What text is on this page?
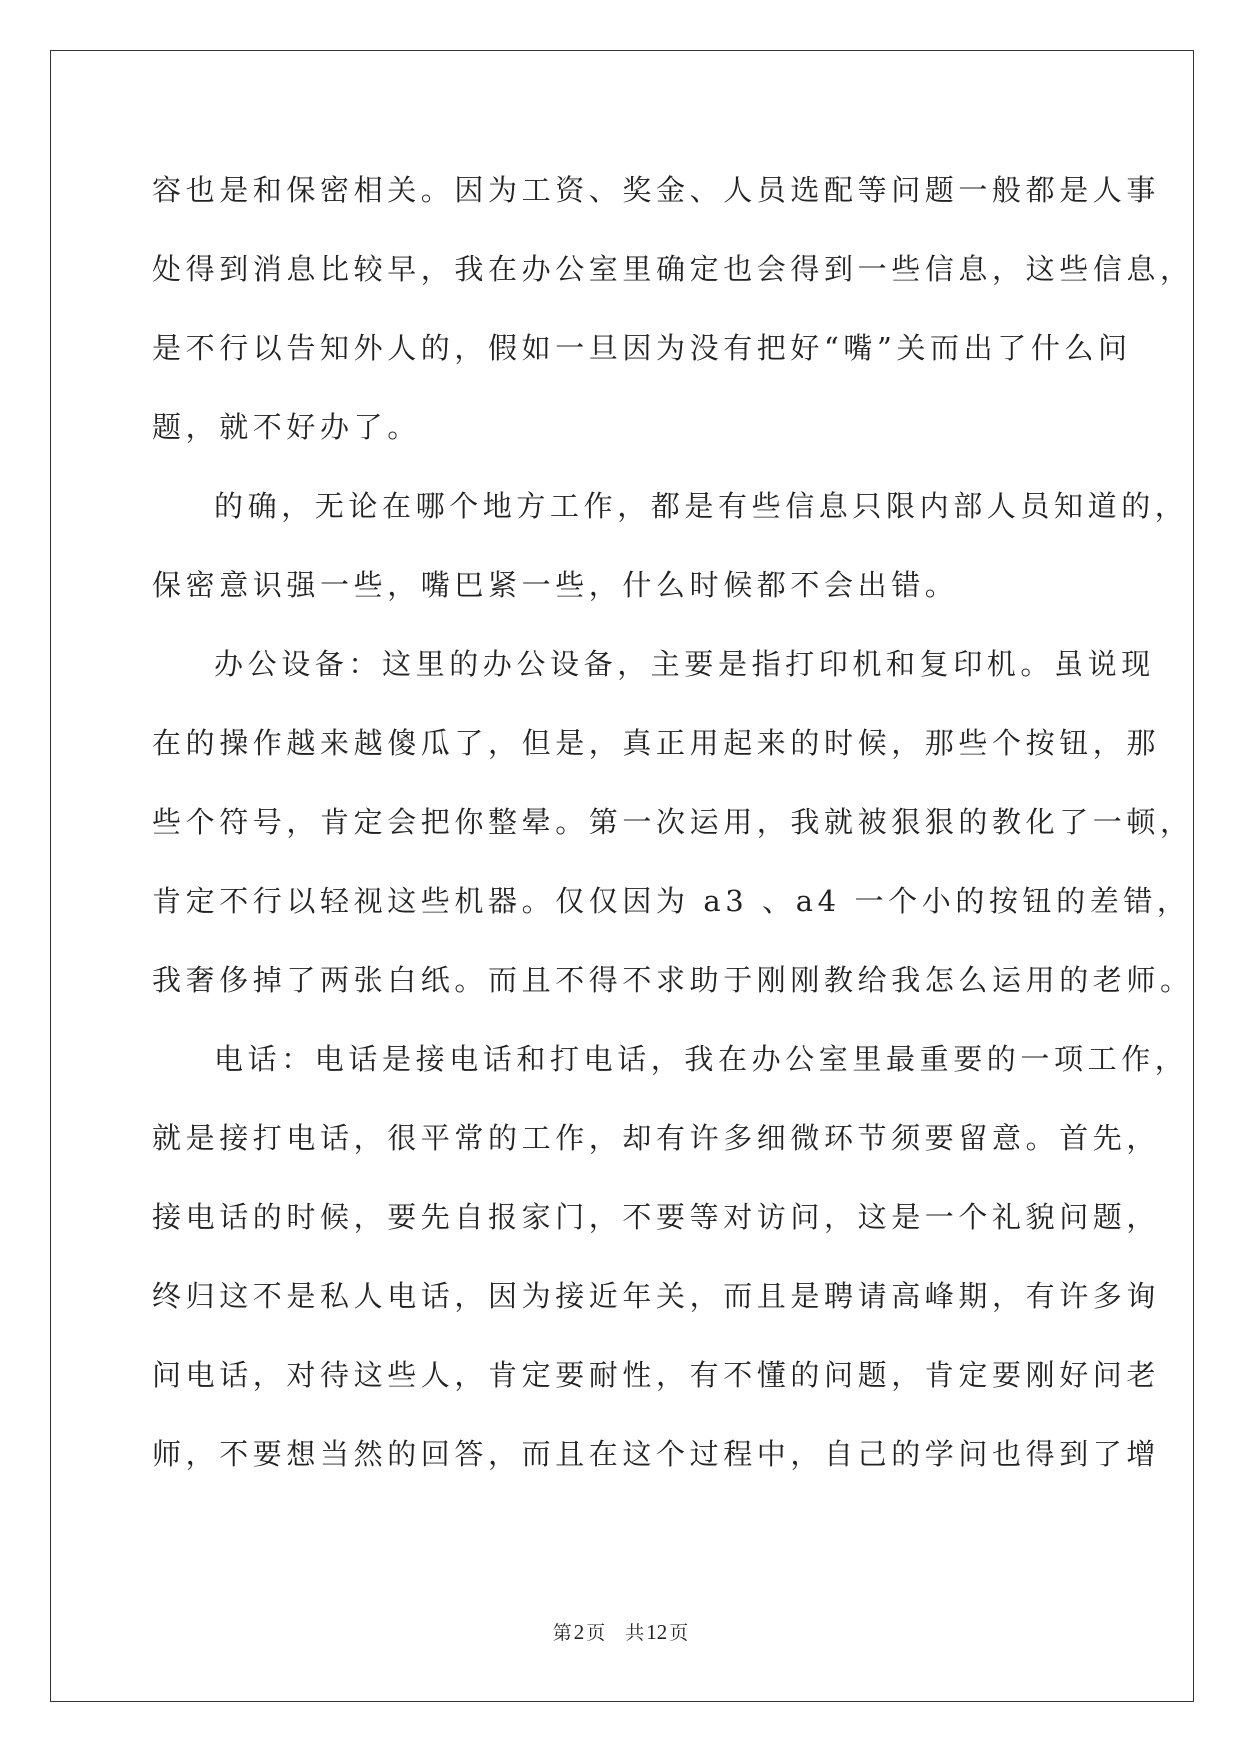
容也是和保密相关。因为工资、奖金、人员选配等问题一般都是人事
处得到消息比较早，我在办公室里确定也会得到一些信息，这些信息，
是不行以告知外人的，假如一旦因为没有把好“嘴”关而出了什么问
题，就不好办了。
的确，无论在哪个地方工作，都是有些信息只限内部人员知道的，
保密意识强一些，嘴巴紧一些，什么时候都不会出错。
办公设备：这里的办公设备，主要是指打印机和复印机。虽说现
在的操作越来越傻瓜了，但是，真正用起来的时候，那些个按钮，那
些个符号，肯定会把你整晕。第一次运用，我就被狠狠的教化了一顿，
肯定不行以轻视这些机器。仅仅因为 a3 、a4 一个小的按钮的差错，
我奢侈掉了两张白纸。而且不得不求助于刚刚教给我怎么运用的老师。
电话：电话是接电话和打电话，我在办公室里最重要的一项工作，
就是接打电话，很平常的工作，却有许多细微环节须要留意。首先，
接电话的时候，要先自报家门，不要等对访问，这是一个礼貌问题，
终归这不是私人电话，因为接近年关，而且是聘请高峰期，有许多询
问电话，对待这些人，肯定要耐性，有不懂的问题，肯定要刚好问老
师，不要想当然的回答，而且在这个过程中，自己的学问也得到了增
第2 页 共12 页
